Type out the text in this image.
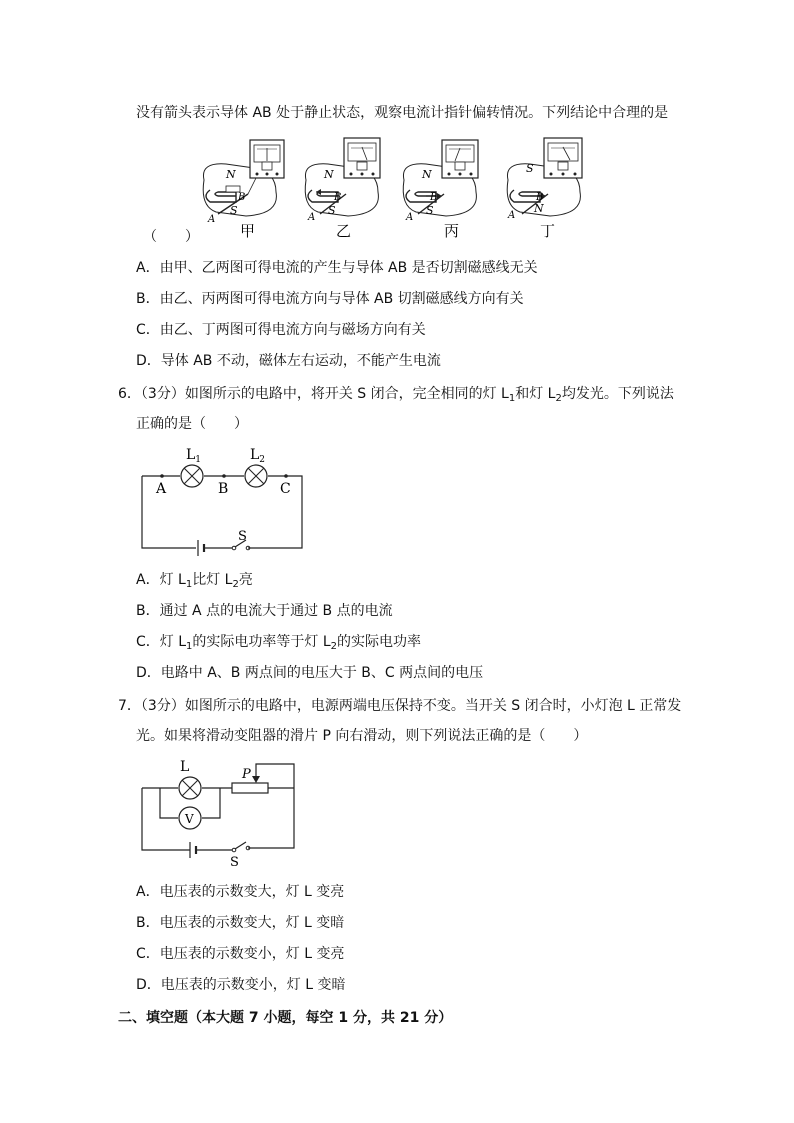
没有箭头表示导体 AB 处于静止状态，观察电流计指针偏转情况。下列结论中合理的是
N
S
A
B
甲
N
S
A
B
乙
N
S
A
B
丙
S
N
A
B
丁
（　　）
A．由甲、乙两图可得电流的产生与导体 AB 是否切割磁感线无关
B．由乙、丙两图可得电流方向与导体 AB 切割磁感线方向有关
C．由乙、丁两图可得电流方向与磁场方向有关
D．导体 AB 不动，磁体左右运动，不能产生电流
6．（3分）如图所示的电路中，将开关 S 闭合，完全相同的灯 $L_1$和灯 $L_2$均发光。下列说法
正确的是（　　）
$L_1$	$L_2$
A	B	C
S
A．灯 $L_1$比灯 $L_2$亮
B．通过 A 点的电流大于通过 B 点的电流
C．灯 $L_1$的实际电功率等于灯 $L_2$的实际电功率
D．电路中 A、B 两点间的电压大于 B、C 两点间的电压
7．（3分）如图所示的电路中，电源两端电压保持不变。当开关 S 闭合时，小灯泡 L 正常发
光。如果将滑动变阻器的滑片 P 向右滑动，则下列说法正确的是（　　）
L	P
V
S
A．电压表的示数变大，灯 L 变亮
B．电压表的示数变大，灯 L 变暗
C．电压表的示数变小，灯 L 变亮
D．电压表的示数变小，灯 L 变暗
二、填空题（本大题 7 小题，每空 1 分，共 21 分）
